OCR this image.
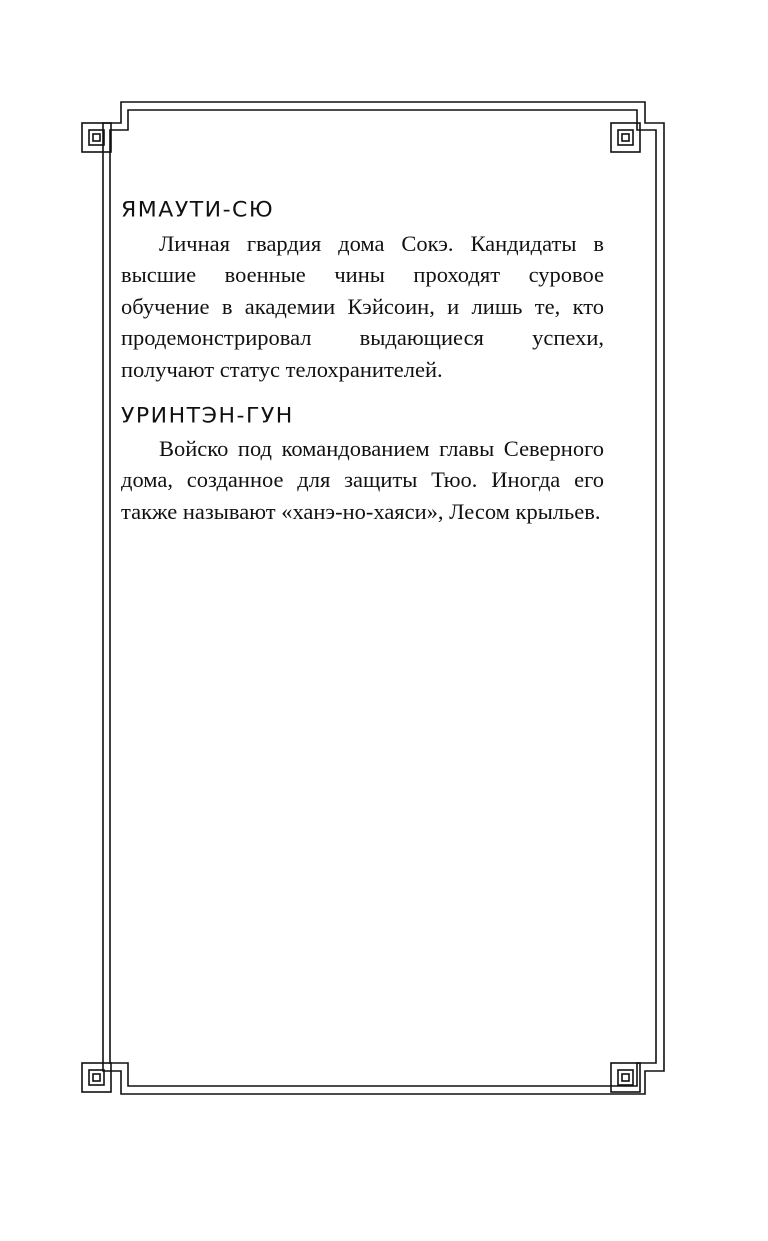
ЯМАУТИ-СЮ

Личная гвардия дома Сокэ. Кандидаты в высшие военные чины проходят суровое обучение в академии Кэйсоин, и лишь те, кто продемонстрировал выдающиеся успехи, получают статус телохранителей.

УРИНТЭН-ГУН

Войско под командованием главы Северного дома, созданное для защиты Тюо. Иногда его также называют «ханэ-но-хаяси», Лесом крыльев.
